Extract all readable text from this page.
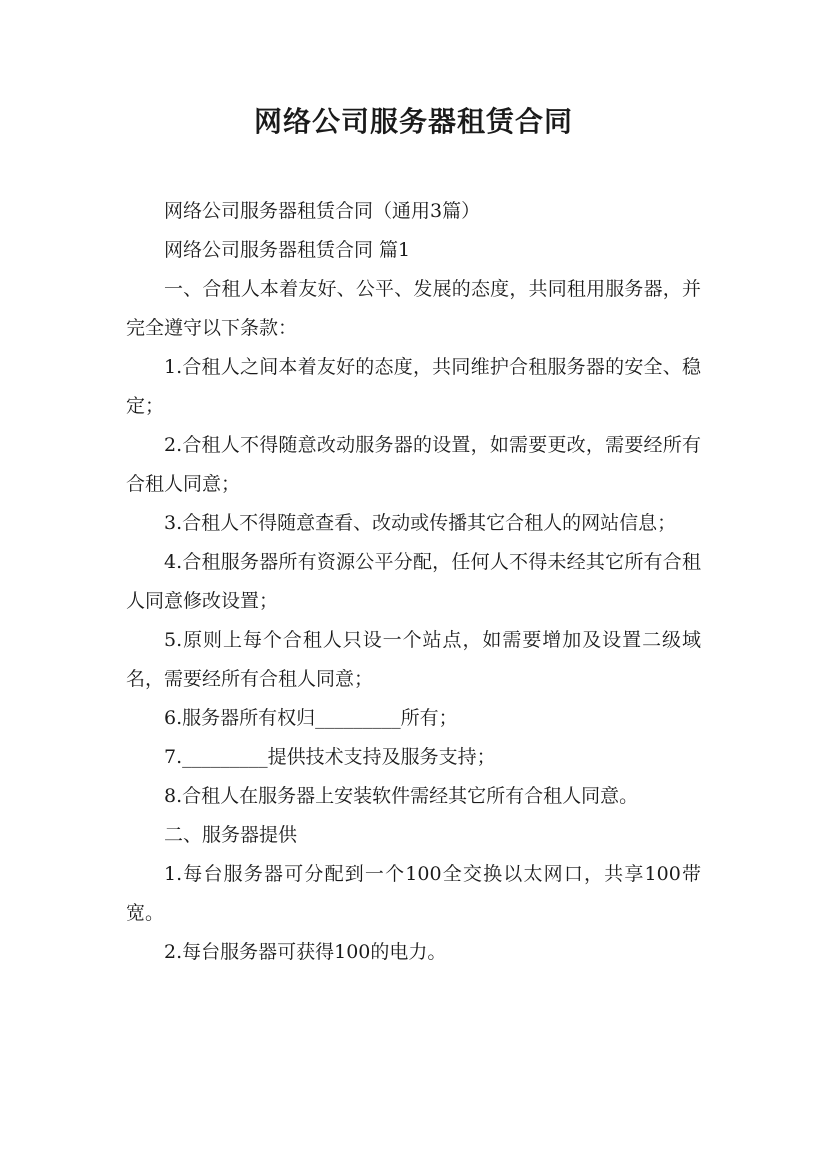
网络公司服务器租赁合同

网络公司服务器租赁合同（通用3篇）

网络公司服务器租赁合同 篇1

一、合租人本着友好、公平、发展的态度，共同租用服务器，并完全遵守以下条款：

1.合租人之间本着友好的态度，共同维护合租服务器的安全、稳定；

2.合租人不得随意改动服务器的设置，如需要更改，需要经所有合租人同意；

3.合租人不得随意查看、改动或传播其它合租人的网站信息；

4.合租服务器所有资源公平分配，任何人不得未经其它所有合租人同意修改设置；

5.原则上每个合租人只设一个站点，如需要增加及设置二级域名，需要经所有合租人同意；

6.服务器所有权归_________所有；

7._________提供技术支持及服务支持；

8.合租人在服务器上安装软件需经其它所有合租人同意。

二、服务器提供

1.每台服务器可分配到一个100全交换以太网口，共享100带宽。

2.每台服务器可获得100的电力。
